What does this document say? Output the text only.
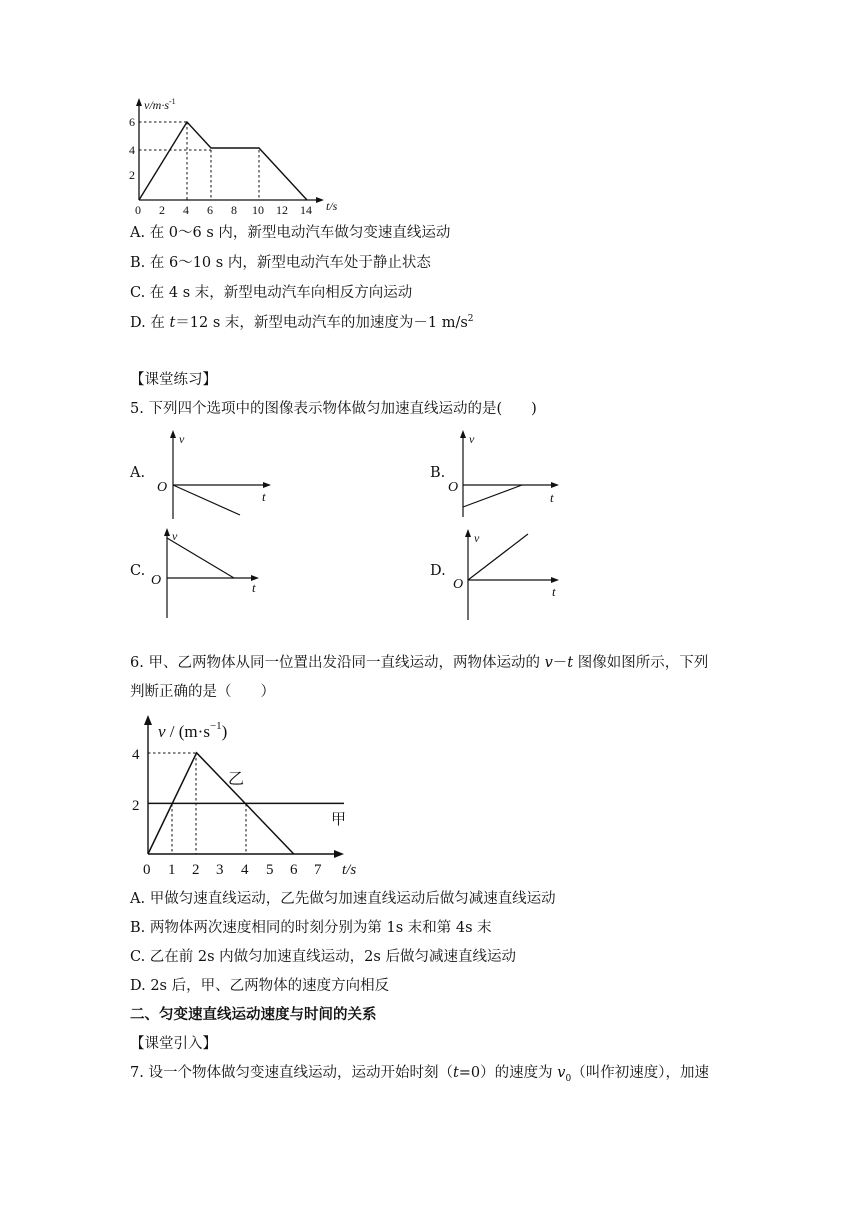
$v/m\cdot s^{-1}$
6
4
2
0 2 4 6 8 10 12 14 t/s
A. 在 0～6 s 内，新型电动汽车做匀变速直线运动
B. 在 6～10 s 内，新型电动汽车处于静止状态
C. 在 4 s 末，新型电动汽车向相反方向运动
D. 在 t＝12 s 末，新型电动汽车的加速度为－1 $m/s^2$
【课堂练习】
5. 下列四个选项中的图像表示物体做匀加速直线运动的是(　　)
A.
v
t
O
B.
v
t
O
C.
v
t
O
D.
v
t
O
6. 甲、乙两物体从同一位置出发沿同一直线运动，两物体运动的 v－t 图像如图所示，下列
判断正确的是（　　）
$v / (m\cdot s^{-1})$
4
2
0 1 2 3 4 5 6 7 t/s
乙
甲
A. 甲做匀速直线运动，乙先做匀加速直线运动后做匀减速直线运动
B. 两物体两次速度相同的时刻分别为第 1s 末和第 4s 末
C. 乙在前 2s 内做匀加速直线运动，2s 后做匀减速直线运动
D. 2s 后，甲、乙两物体的速度方向相反
二、匀变速直线运动速度与时间的关系
【课堂引入】
7. 设一个物体做匀变速直线运动，运动开始时刻（t=0）的速度为 $v_0$（叫作初速度），加速
